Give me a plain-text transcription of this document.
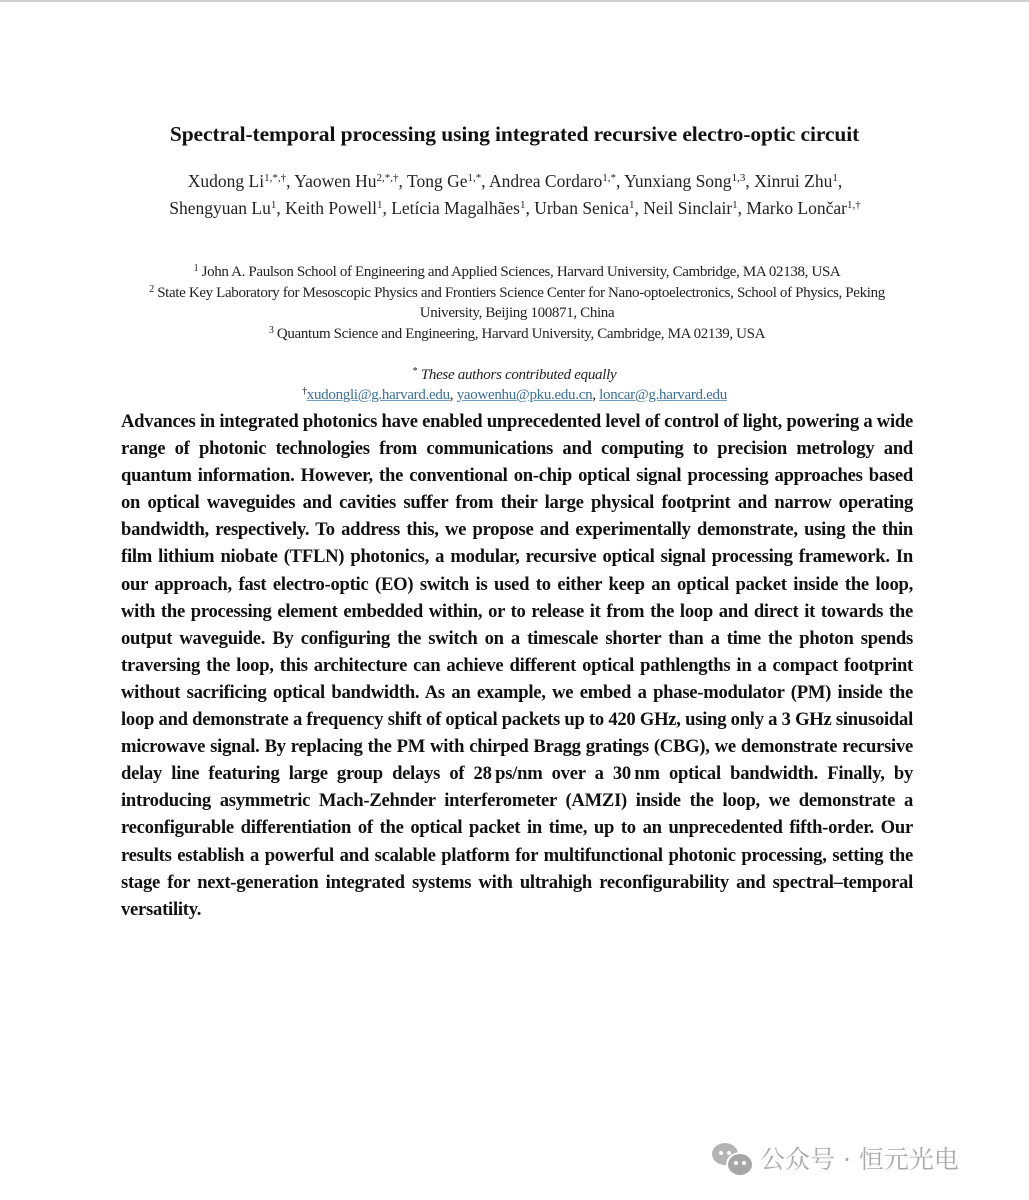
Spectral-temporal processing using integrated recursive electro-optic circuit
Xudong $Li^{1,*,\dagger}$, Yaowen $Hu^{2,*,\dagger}$, Tong $Ge^{1,*}$, Andrea Cordaro$^{1,*}$, Yunxiang Song$^{1,3}$, Xinrui Zhu$^1$,
Shengyuan Lu$^1$, Keith Powell$^1$, Letícia Magalhães$^1$, Urban Senica$^1$, Neil Sinclair$^1$, Marko Lončar$^{1,\dagger}$
$^1$ John A. Paulson School of Engineering and Applied Sciences, Harvard University, Cambridge, MA 02138, USA
$^2$ State Key Laboratory for Mesoscopic Physics and Frontiers Science Center for Nano-optoelectronics, School of Physics, Peking University, Beijing 100871, China
$^3$ Quantum Science and Engineering, Harvard University, Cambridge, MA 02139, USA
* These authors contributed equally
†xudongli@g.harvard.edu, yaowenhu@pku.edu.cn, loncar@g.harvard.edu

Advances in integrated photonics have enabled unprecedented level of control of light, powering a wide range of photonic technologies from communications and computing to precision metrology and quantum information. However, the conventional on-chip optical signal processing approaches based on optical waveguides and cavities suffer from their large physical footprint and narrow operating bandwidth, respectively. To address this, we propose and experimentally demonstrate, using the thin film lithium niobate (TFLN) photonics, a modular, recursive optical signal processing framework. In our approach, fast electro-optic (EO) switch is used to either keep an optical packet inside the loop, with the processing element embedded within, or to release it from the loop and direct it towards the output waveguide. By configuring the switch on a timescale shorter than a time the photon spends traversing the loop, this architecture can achieve different optical pathlengths in a compact footprint without sacrificing optical bandwidth. As an example, we embed a phase-modulator (PM) inside the loop and demonstrate a frequency shift of optical packets up to 420 GHz, using only a 3 GHz sinusoidal microwave signal. By replacing the PM with chirped Bragg gratings (CBG), we demonstrate recursive delay line featuring large group delays of 28 ps/nm over a 30 nm optical bandwidth. Finally, by introducing asymmetric Mach-Zehnder interferometer (AMZI) inside the loop, we demonstrate a reconfigurable differentiation of the optical packet in time, up to an unprecedented fifth-order. Our results establish a powerful and scalable platform for multifunctional photonic processing, setting the stage for next-generation integrated systems with ultrahigh reconfigurability and spectral–temporal versatility.

公众号 · 恒元光电
